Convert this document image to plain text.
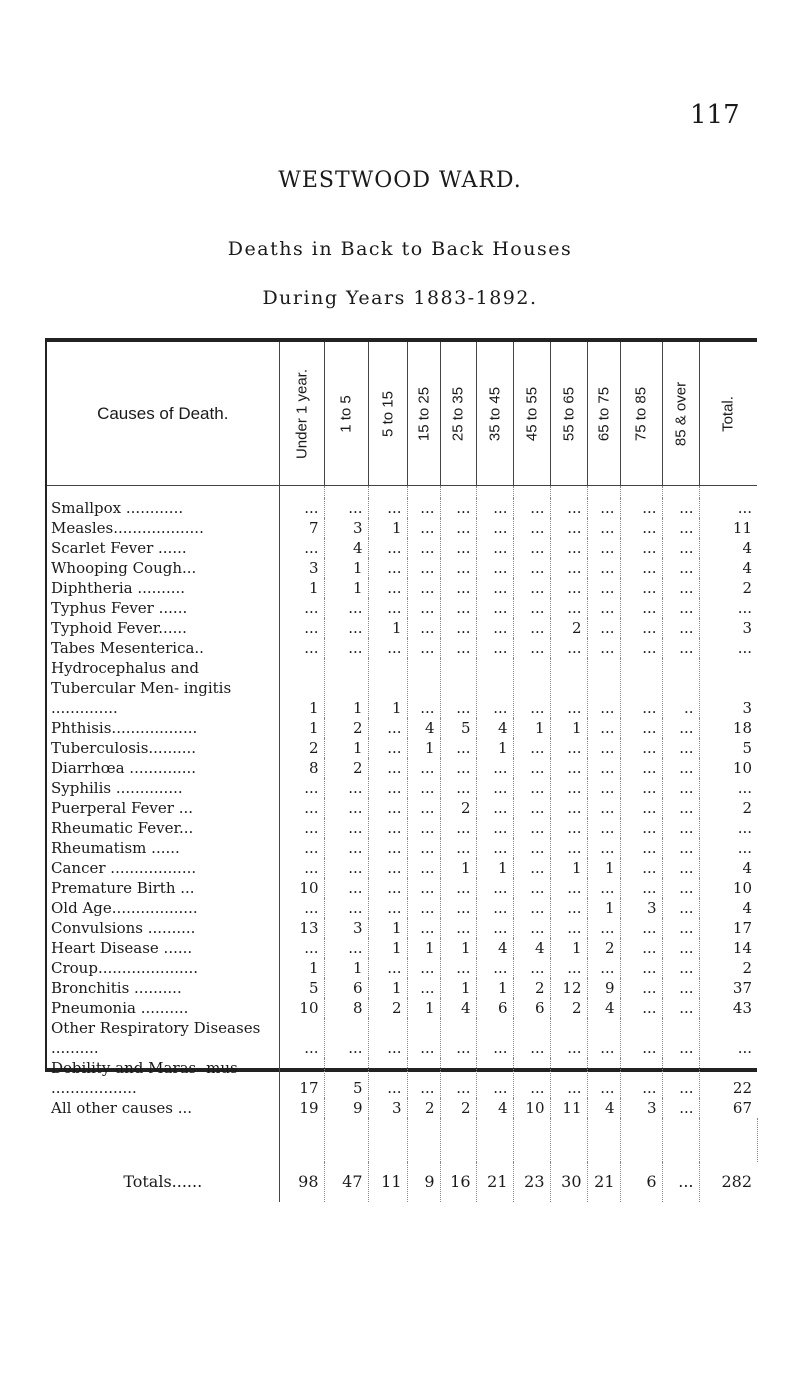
117
WESTWOOD WARD.
Deaths in Back to Back Houses
During Years 1883-1892.
Causes of Death.	Under 1 year.	1 to 5	5 to 15	15 to 25	25 to 35	35 to 45	45 to 55	55 to 65	65 to 75	75 to 85	85 & over	Total.

Smallpox ............	...	...	...	...	...	...	...	...	...	...	...	...
Measles...................	7	3	1	...	...	...	...	...	...	...	...	11
Scarlet Fever ......	...	4	...	...	...	...	...	...	...	...	...	4
Whooping Cough...	3	1	...	...	...	...	...	...	...	...	...	4
Diphtheria ..........	1	1	...	...	...	...	...	...	...	...	...	2
Typhus Fever ......	...	...	...	...	...	...	...	...	...	...	...	...
Typhoid Fever......	...	...	1	...	...	...	...	2	...	...	...	3
Tabes Mesenterica..	...	...	...	...	...	...	...	...	...	...	...	...
Hydrocephalus and Tubercular Men- ingitis ..............	1	1	1	...	...	...	...	...	...	...	..	3
Phthisis..................	1	2	...	4	5	4	1	1	...	...	...	18
Tuberculosis..........	2	1	...	1	...	1	...	...	...	...	...	5
Diarrhœa ..............	8	2	...	...	...	...	...	...	...	...	...	10
Syphilis ..............	...	...	...	...	...	...	...	...	...	...	...	...
Puerperal Fever ...	...	...	...	...	2	...	...	...	...	...	...	2
Rheumatic Fever...	...	...	...	...	...	...	...	...	...	...	...	...
Rheumatism ......	...	...	...	...	...	...	...	...	...	...	...	...
Cancer ..................	...	...	...	...	1	1	...	1	1	...	...	4
Premature Birth ...	10	...	...	...	...	...	...	...	...	...	...	10
Old Age..................	...	...	...	...	...	...	...	...	1	3	...	4
Convulsions ..........	13	3	1	...	...	...	...	...	...	...	...	17
Heart Disease ......	...	...	1	1	1	4	4	1	2	...	...	14
Croup.....................	1	1	...	...	...	...	...	...	...	...	...	2
Bronchitis ..........	5	6	1	...	1	1	2	12	9	...	...	37
Pneumonia ..........	10	8	2	1	4	6	6	2	4	...	...	43
Other Respiratory Diseases ..........	...	...	...	...	...	...	...	...	...	...	...	...
Debility and Maras- mus ..................	17	5	...	...	...	...	...	...	...	...	...	22
All other causes ...	19	9	3	2	2	4	10	11	4	3	...	67

Totals......	98	47	11	9	16	21	23	30	21	6	...	282
